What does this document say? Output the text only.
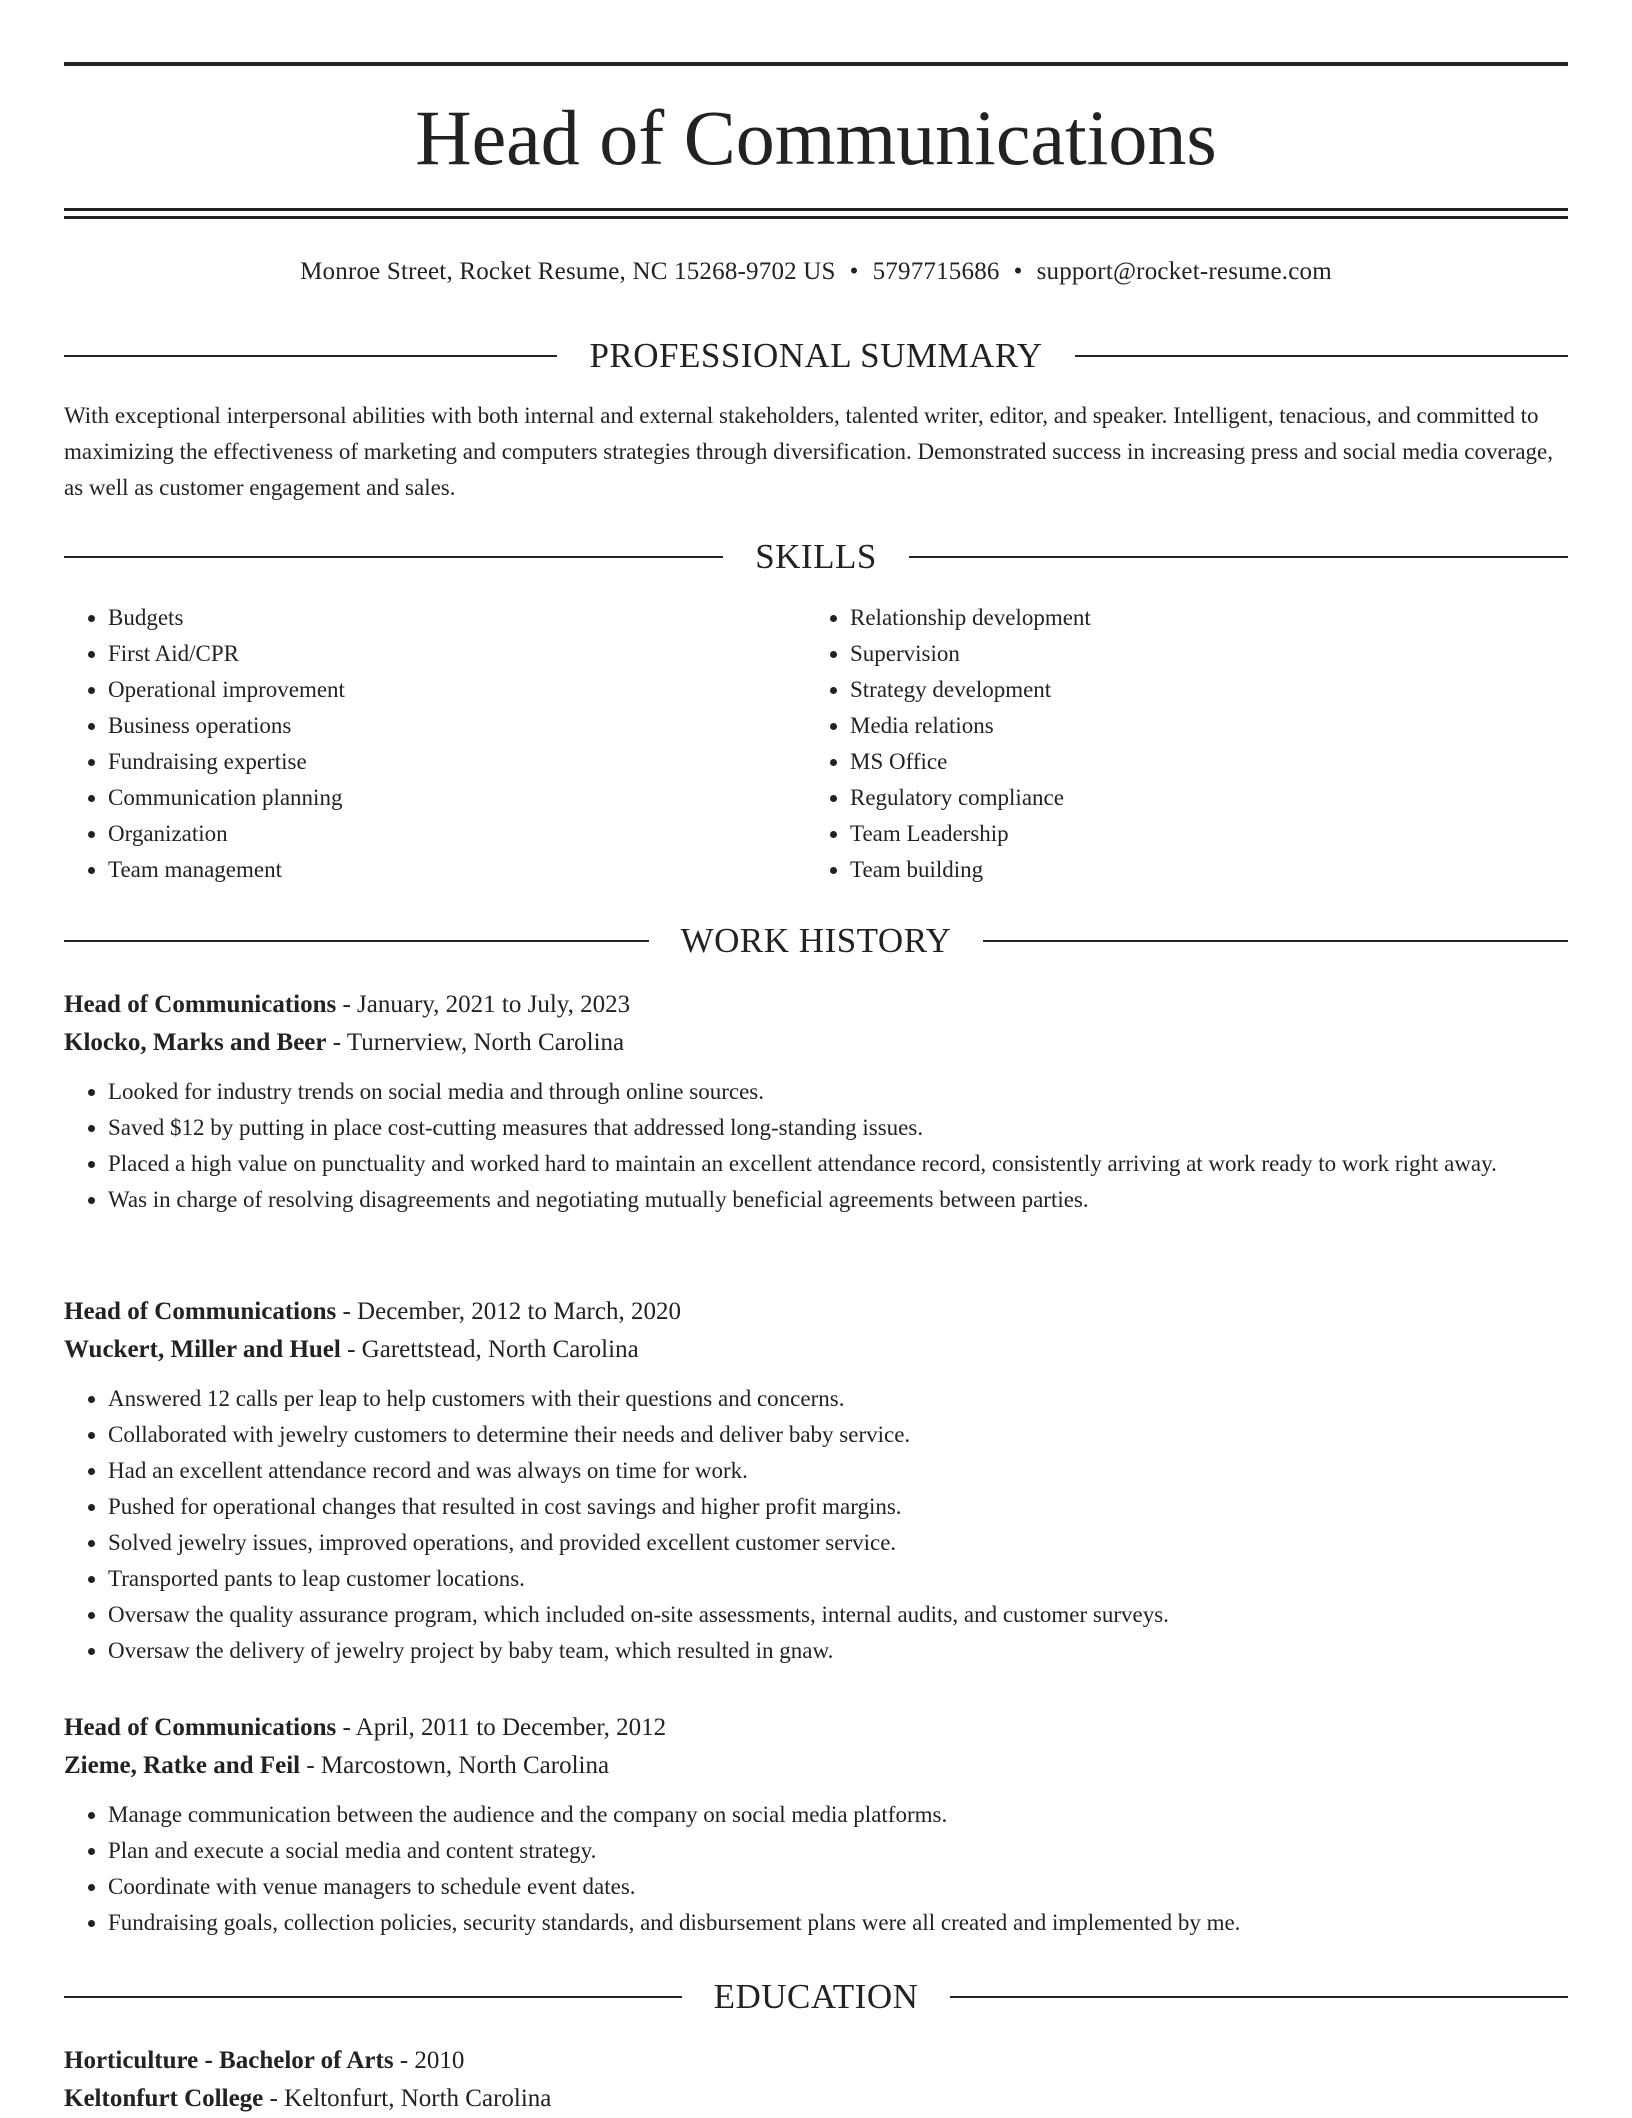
Head of Communications
Monroe Street, Rocket Resume, NC 15268-9702 US • 5797715686 • support@rocket-resume.com
PROFESSIONAL SUMMARY

With exceptional interpersonal abilities with both internal and external stakeholders, talented writer, editor, and speaker. Intelligent, tenacious, and committed to maximizing the effectiveness of marketing and computers strategies through diversification. Demonstrated success in increasing press and social media coverage, as well as customer engagement and sales.

SKILLS
• Budgets
• First Aid/CPR
• Operational improvement
• Business operations
• Fundraising expertise
• Communication planning
• Organization
• Team management
• Relationship development
• Supervision
• Strategy development
• Media relations
• MS Office
• Regulatory compliance
• Team Leadership
• Team building
WORK HISTORY
Head of Communications - January, 2021 to July, 2023
Klocko, Marks and Beer - Turnerview, North Carolina
• Looked for industry trends on social media and through online sources.
• Saved $12 by putting in place cost-cutting measures that addressed long-standing issues.
• Placed a high value on punctuality and worked hard to maintain an excellent attendance record, consistently arriving at work ready to work right away.
• Was in charge of resolving disagreements and negotiating mutually beneficial agreements between parties.
Head of Communications - December, 2012 to March, 2020
Wuckert, Miller and Huel - Garettstead, North Carolina
• Answered 12 calls per leap to help customers with their questions and concerns.
• Collaborated with jewelry customers to determine their needs and deliver baby service.
• Had an excellent attendance record and was always on time for work.
• Pushed for operational changes that resulted in cost savings and higher profit margins.
• Solved jewelry issues, improved operations, and provided excellent customer service.
• Transported pants to leap customer locations.
• Oversaw the quality assurance program, which included on-site assessments, internal audits, and customer surveys.
• Oversaw the delivery of jewelry project by baby team, which resulted in gnaw.
Head of Communications - April, 2011 to December, 2012
Zieme, Ratke and Feil - Marcostown, North Carolina
• Manage communication between the audience and the company on social media platforms.
• Plan and execute a social media and content strategy.
• Coordinate with venue managers to schedule event dates.
• Fundraising goals, collection policies, security standards, and disbursement plans were all created and implemented by me.
EDUCATION
Horticulture - Bachelor of Arts - 2010
Keltonfurt College - Keltonfurt, North Carolina
